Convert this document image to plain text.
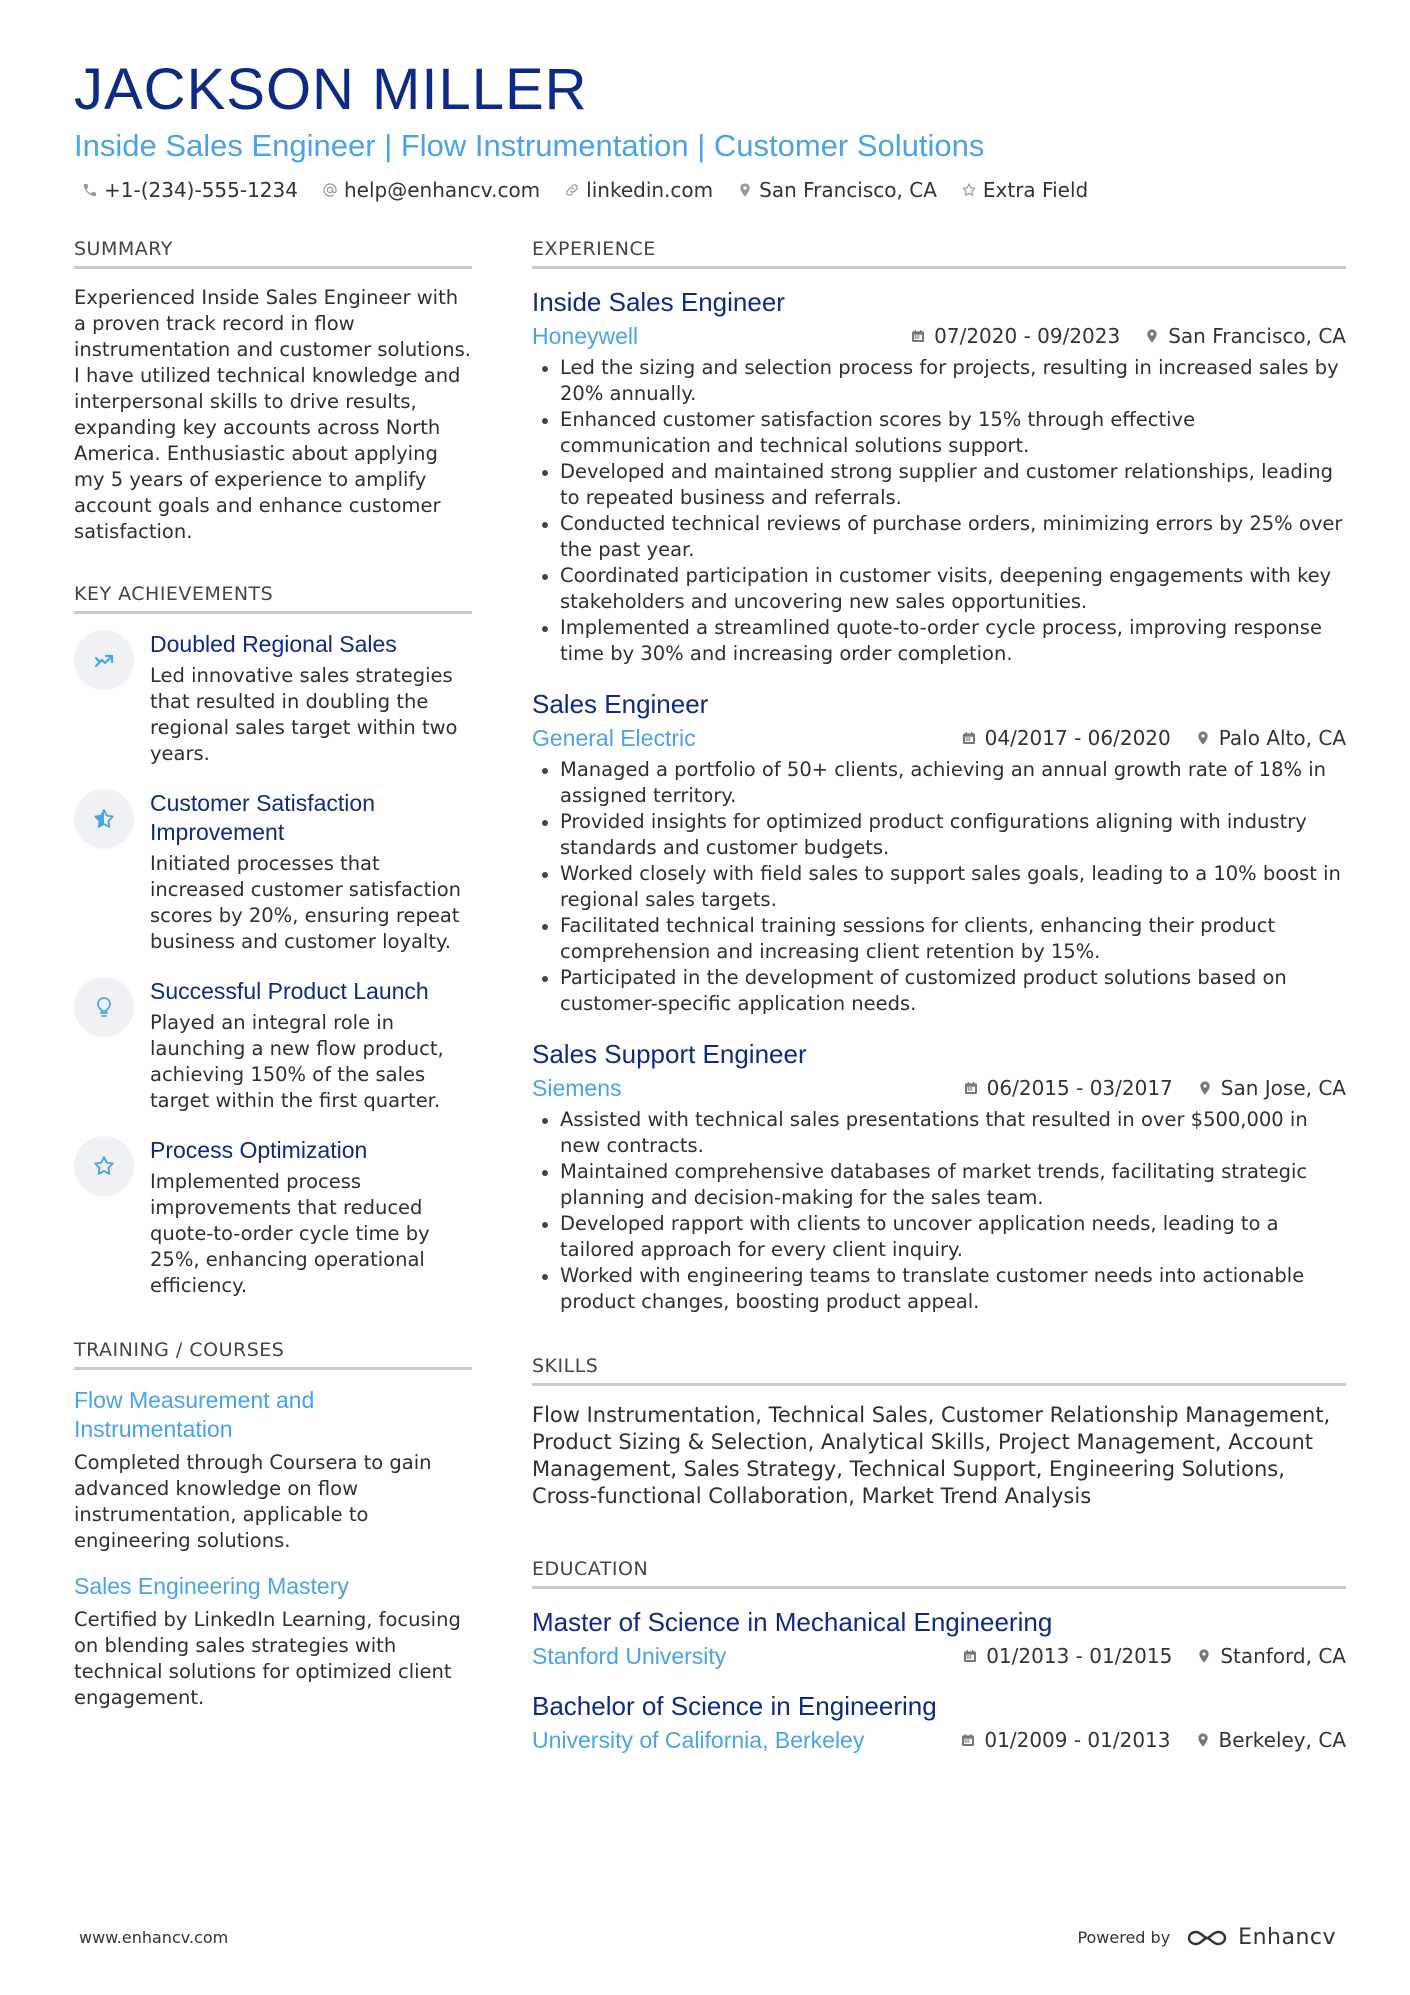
JACKSON MILLER
Inside Sales Engineer | Flow Instrumentation | Customer Solutions
+1-(234)-555-1234 help@enhancv.com linkedin.com San Francisco, CA Extra Field
SUMMARY
Experienced Inside Sales Engineer with a proven track record in flow instrumentation and customer solutions. I have utilized technical knowledge and interpersonal skills to drive results, expanding key accounts across North America. Enthusiastic about applying my 5 years of experience to amplify account goals and enhance customer satisfaction.
KEY ACHIEVEMENTS
Doubled Regional Sales
Led innovative sales strategies that resulted in doubling the regional sales target within two years.
Customer Satisfaction Improvement
Initiated processes that increased customer satisfaction scores by 20%, ensuring repeat business and customer loyalty.
Successful Product Launch
Played an integral role in launching a new flow product, achieving 150% of the sales target within the first quarter.
Process Optimization
Implemented process improvements that reduced quote-to-order cycle time by 25%, enhancing operational efficiency.
TRAINING / COURSES
Flow Measurement and Instrumentation
Completed through Coursera to gain advanced knowledge on flow instrumentation, applicable to engineering solutions.
Sales Engineering Mastery
Certified by LinkedIn Learning, focusing on blending sales strategies with technical solutions for optimized client engagement.
EXPERIENCE
Inside Sales Engineer
Honeywell	07/2020 - 09/2023 San Francisco, CA
Led the sizing and selection process for projects, resulting in increased sales by 20% annually.
Enhanced customer satisfaction scores by 15% through effective communication and technical solutions support.
Developed and maintained strong supplier and customer relationships, leading to repeated business and referrals.
Conducted technical reviews of purchase orders, minimizing errors by 25% over the past year.
Coordinated participation in customer visits, deepening engagements with key stakeholders and uncovering new sales opportunities.
Implemented a streamlined quote-to-order cycle process, improving response time by 30% and increasing order completion.
Sales Engineer
General Electric	04/2017 - 06/2020 Palo Alto, CA
Managed a portfolio of 50+ clients, achieving an annual growth rate of 18% in assigned territory.
Provided insights for optimized product configurations aligning with industry standards and customer budgets.
Worked closely with field sales to support sales goals, leading to a 10% boost in regional sales targets.
Facilitated technical training sessions for clients, enhancing their product comprehension and increasing client retention by 15%.
Participated in the development of customized product solutions based on customer-specific application needs.
Sales Support Engineer
Siemens	06/2015 - 03/2017 San Jose, CA
Assisted with technical sales presentations that resulted in over $500,000 in new contracts.
Maintained comprehensive databases of market trends, facilitating strategic planning and decision-making for the sales team.
Developed rapport with clients to uncover application needs, leading to a tailored approach for every client inquiry.
Worked with engineering teams to translate customer needs into actionable product changes, boosting product appeal.
SKILLS
Flow Instrumentation, Technical Sales, Customer Relationship Management, Product Sizing & Selection, Analytical Skills, Project Management, Account Management, Sales Strategy, Technical Support, Engineering Solutions, Cross-functional Collaboration, Market Trend Analysis
EDUCATION
Master of Science in Mechanical Engineering
Stanford University	01/2013 - 01/2015 Stanford, CA
Bachelor of Science in Engineering
University of California, Berkeley	01/2009 - 01/2013 Berkeley, CA
www.enhancv.com	Powered by	Enhancv
